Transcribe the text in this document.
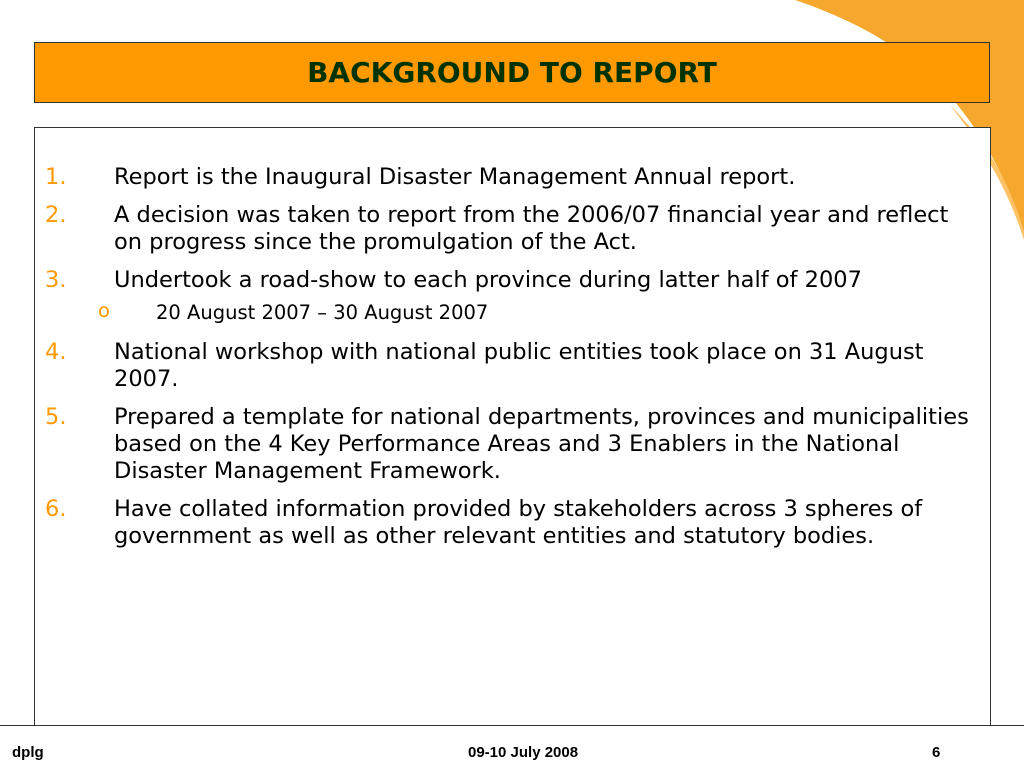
BACKGROUND TO REPORT
1. Report is the Inaugural Disaster Management Annual report.
2. A decision was taken to report from the 2006/07 financial year and reflect on progress since the promulgation of the Act.
3. Undertook a road-show to each province during latter half of 2007
o 20 August 2007 – 30 August 2007
4. National workshop with national public entities took place on 31 August 2007.
5. Prepared a template for national departments, provinces and municipalities based on the 4 Key Performance Areas and 3 Enablers in the National Disaster Management Framework.
6. Have collated information provided by stakeholders across 3 spheres of government as well as other relevant entities and statutory bodies.
dplg	09-10 July 2008	6
